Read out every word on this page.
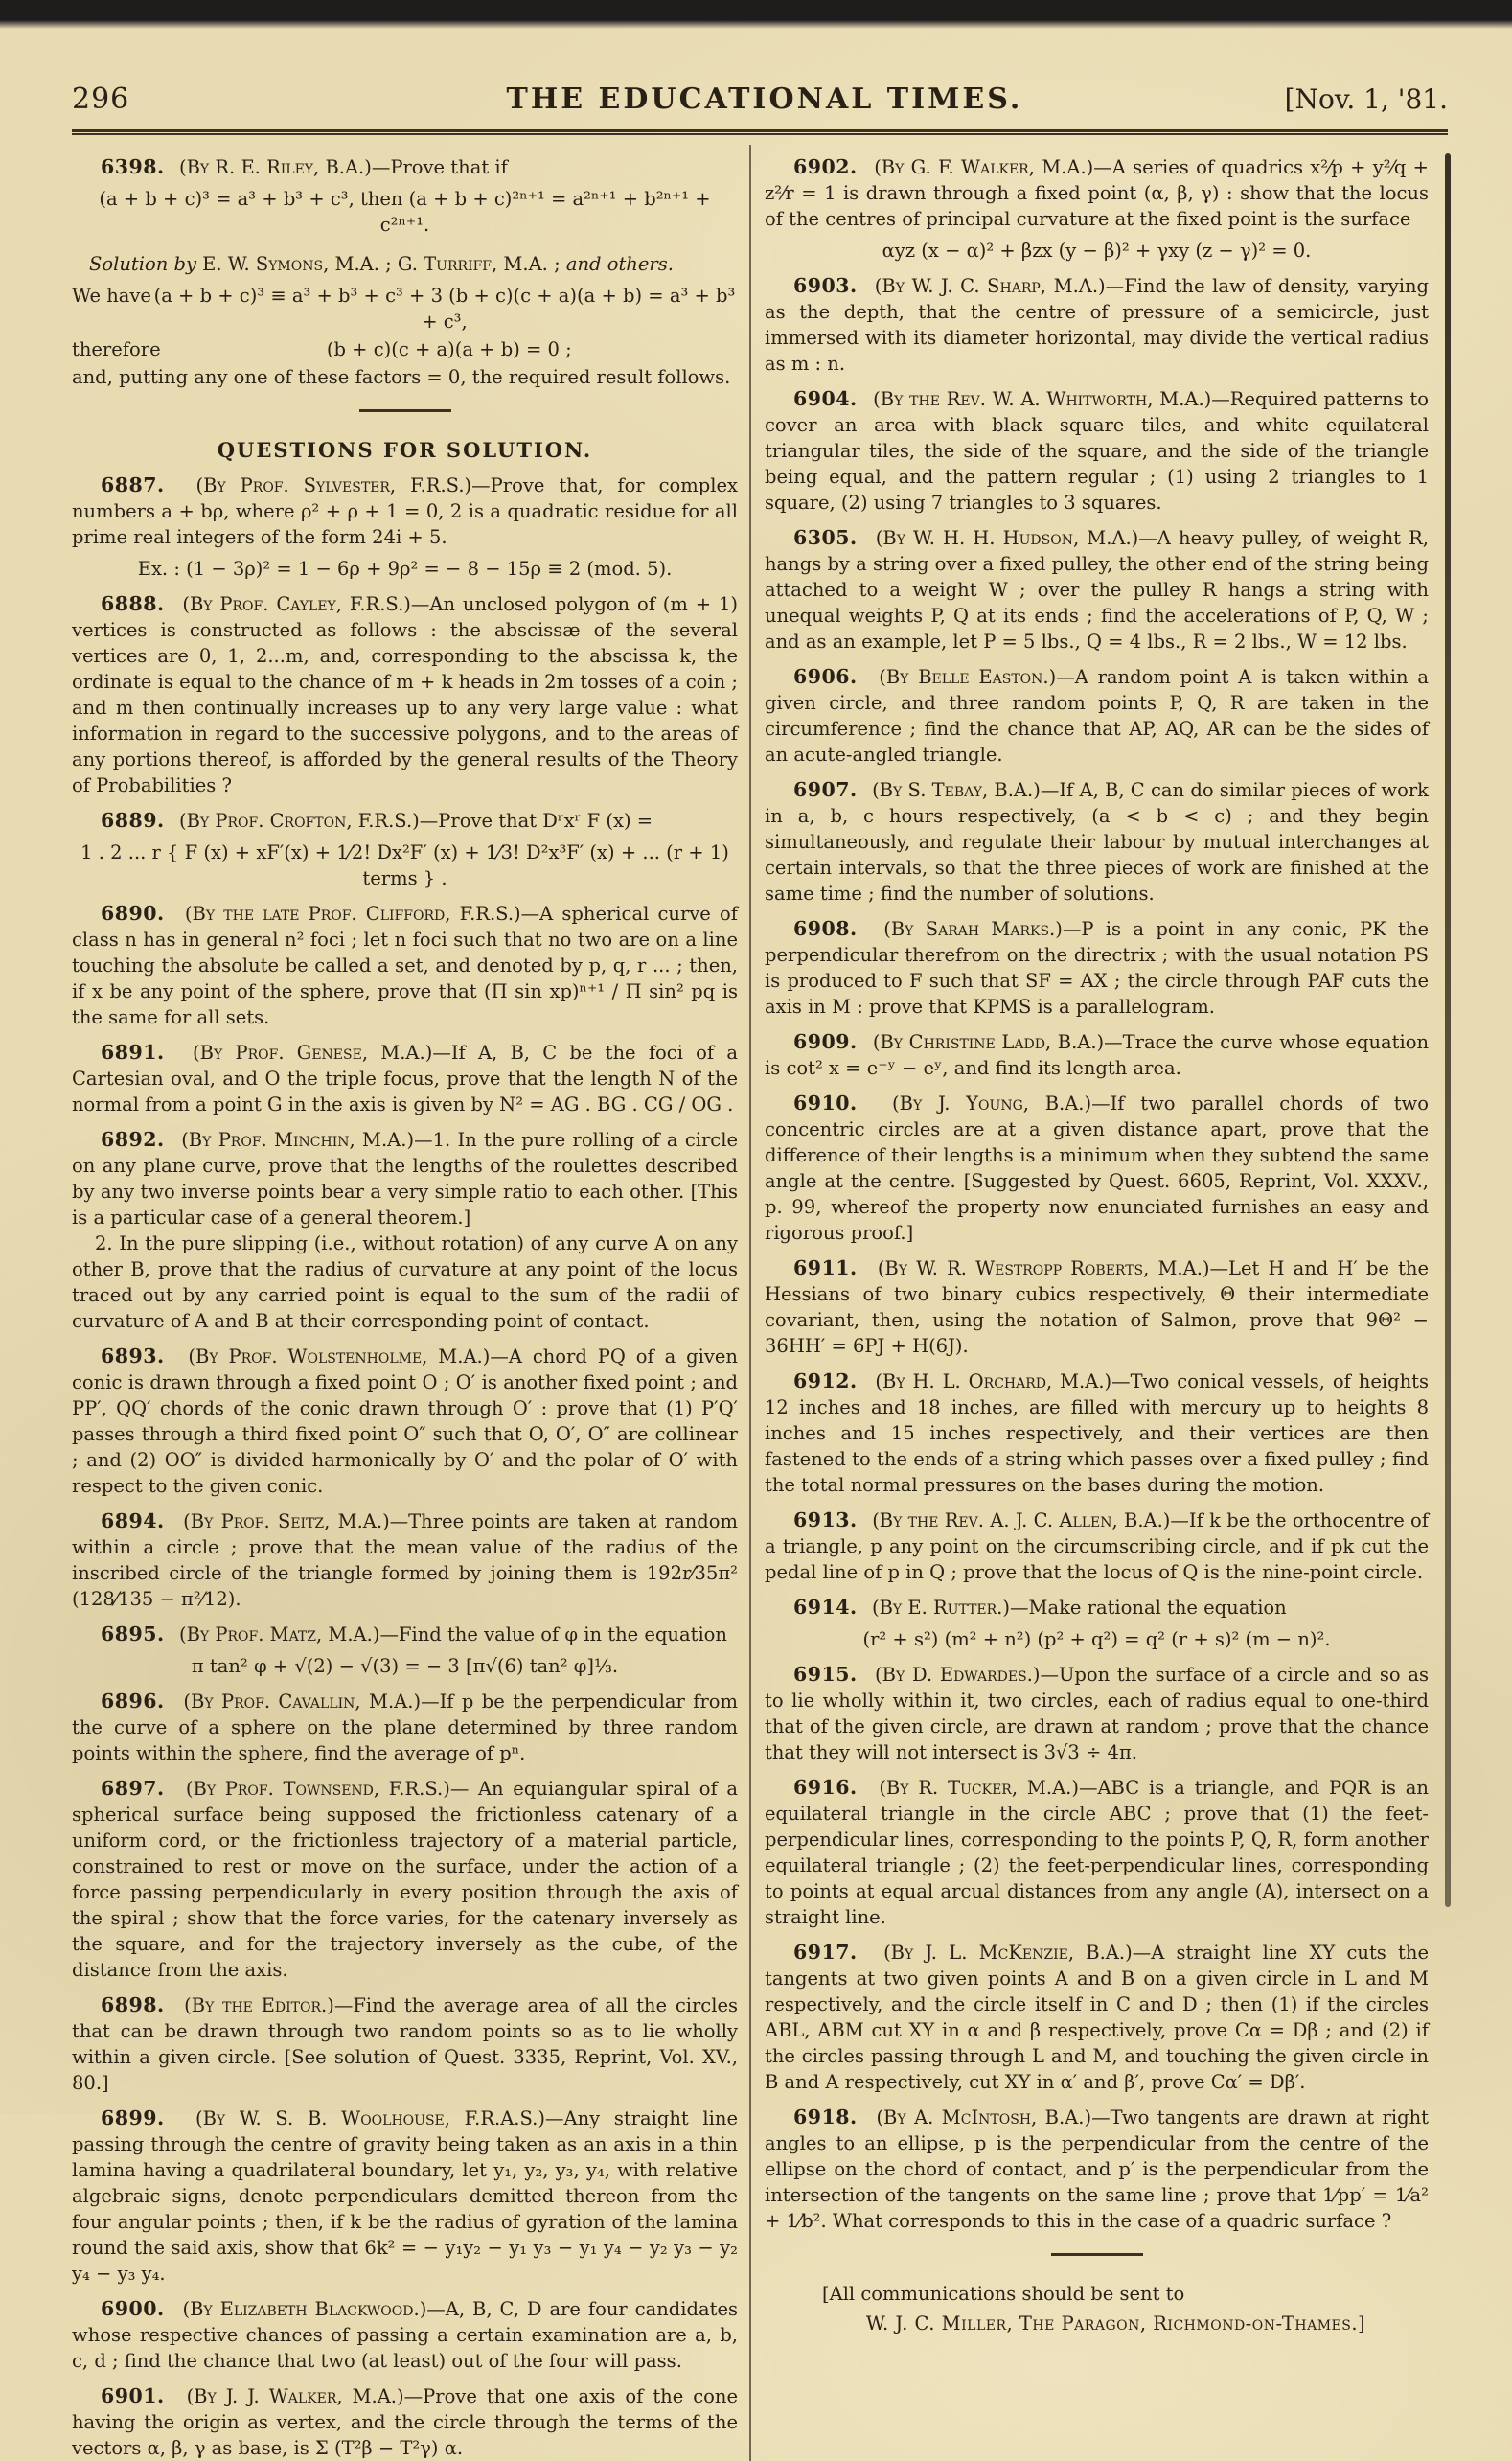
296	THE EDUCATIONAL TIMES.	[Nov. 1, '81.

6398. (By R. E. Riley, B.A.)—Prove that if

(a + b + c)³ = a³ + b³ + c³, then (a + b + c)²ⁿ⁺¹ = a²ⁿ⁺¹ + b²ⁿ⁺¹ + c²ⁿ⁺¹.

Solution by E. W. Symons, M.A. ; G. Turriff, M.A. ; and others.

We have (a + b + c)³ ≡ a³ + b³ + c³ + 3 (b + c)(c + a)(a + b) = a³ + b³ + c³,
therefore	(b + c)(c + a)(a + b) = 0 ;

and, putting any one of these factors = 0, the required result follows.

QUESTIONS FOR SOLUTION.

6887. (By Prof. Sylvester, F.R.S.)—Prove that, for complex numbers a + bρ, where ρ² + ρ + 1 = 0, 2 is a quadratic residue for all prime real integers of the form 24i + 5.

Ex. : (1 − 3ρ)² = 1 − 6ρ + 9ρ² = − 8 − 15ρ ≡ 2 (mod. 5).

6888. (By Prof. Cayley, F.R.S.)—An unclosed polygon of (m + 1) vertices is constructed as follows : the abscissæ of the several vertices are 0, 1, 2...m, and, corresponding to the abscissa k, the ordinate is equal to the chance of m + k heads in 2m tosses of a coin ; and m then continually increases up to any very large value : what information in regard to the successive polygons, and to the areas of any portions thereof, is afforded by the general results of the Theory of Probabilities ?

6889. (By Prof. Crofton, F.R.S.)—Prove that Dʳxʳ F (x) =

1 . 2 ... r { F (x) + xF′(x) + 1⁄2! Dx²F′ (x) + 1⁄3! D²x³F′ (x) + ... (r + 1) terms } .

6890. (By the late Prof. Clifford, F.R.S.)—A spherical curve of class n has in general n² foci ; let n foci such that no two are on a line touching the absolute be called a set, and denoted by p, q, r ... ; then, if x be any point of the sphere, prove that (Π sin xp)ⁿ⁺¹ / Π sin² pq is the same for all sets.

6891. (By Prof. Genese, M.A.)—If A, B, C be the foci of a Cartesian oval, and O the triple focus, prove that the length N of the normal from a point G in the axis is given by N² = AG . BG . CG / OG .

6892. (By Prof. Minchin, M.A.)—1. In the pure rolling of a circle on any plane curve, prove that the lengths of the roulettes described by any two inverse points bear a very simple ratio to each other. [This is a particular case of a general theorem.]

2. In the pure slipping (i.e., without rotation) of any curve A on any other B, prove that the radius of curvature at any point of the locus traced out by any carried point is equal to the sum of the radii of curvature of A and B at their corresponding point of contact.

6893. (By Prof. Wolstenholme, M.A.)—A chord PQ of a given conic is drawn through a fixed point O ; O′ is another fixed point ; and PP′, QQ′ chords of the conic drawn through O′ : prove that (1) P′Q′ passes through a third fixed point O″ such that O, O′, O″ are collinear ; and (2) OO″ is divided harmonically by O′ and the polar of O′ with respect to the given conic.

6894. (By Prof. Seitz, M.A.)—Three points are taken at random within a circle ; prove that the mean value of the radius of the inscribed circle of the triangle formed by joining them is 192r⁄35π² (128⁄135 − π²⁄12).

6895. (By Prof. Matz, M.A.)—Find the value of φ in the equation

π tan² φ + √(2) − √(3) = − 3 [π√(6) tan² φ]⅓.

6896. (By Prof. Cavallin, M.A.)—If p be the perpendicular from the curve of a sphere on the plane determined by three random points within the sphere, find the average of pⁿ.

6897. (By Prof. Townsend, F.R.S.)— An equiangular spiral of a spherical surface being supposed the frictionless catenary of a uniform cord, or the frictionless trajectory of a material particle, constrained to rest or move on the surface, under the action of a force passing perpendicularly in every position through the axis of the spiral ; show that the force varies, for the catenary inversely as the square, and for the trajectory inversely as the cube, of the distance from the axis.

6898. (By the Editor.)—Find the average area of all the circles that can be drawn through two random points so as to lie wholly within a given circle. [See solution of Quest. 3335, Reprint, Vol. XV., 80.]

6899. (By W. S. B. Woolhouse, F.R.A.S.)—Any straight line passing through the centre of gravity being taken as an axis in a thin lamina having a quadrilateral boundary, let y₁, y₂, y₃, y₄, with relative algebraic signs, denote perpendiculars demitted thereon from the four angular points ; then, if k be the radius of gyration of the lamina round the said axis, show that 6k² = − y₁y₂ − y₁ y₃ − y₁ y₄ − y₂ y₃ − y₂ y₄ − y₃ y₄.

6900. (By Elizabeth Blackwood.)—A, B, C, D are four candidates whose respective chances of passing a certain examination are a, b, c, d ; find the chance that two (at least) out of the four will pass.

6901. (By J. J. Walker, M.A.)—Prove that one axis of the cone having the origin as vertex, and the circle through the terms of the vectors α, β, γ as base, is Σ (T²β − T²γ) α.

6902. (By G. F. Walker, M.A.)—A series of quadrics x²⁄p + y²⁄q + z²⁄r = 1 is drawn through a fixed point (α, β, γ) : show that the locus of the centres of principal curvature at the fixed point is the surface

αyz (x − α)² + βzx (y − β)² + γxy (z − γ)² = 0.

6903. (By W. J. C. Sharp, M.A.)—Find the law of density, varying as the depth, that the centre of pressure of a semicircle, just immersed with its diameter horizontal, may divide the vertical radius as m : n.

6904. (By the Rev. W. A. Whitworth, M.A.)—Required patterns to cover an area with black square tiles, and white equilateral triangular tiles, the side of the square, and the side of the triangle being equal, and the pattern regular ; (1) using 2 triangles to 1 square, (2) using 7 triangles to 3 squares.

6305. (By W. H. H. Hudson, M.A.)—A heavy pulley, of weight R, hangs by a string over a fixed pulley, the other end of the string being attached to a weight W ; over the pulley R hangs a string with unequal weights P, Q at its ends ; find the accelerations of P, Q, W ; and as an example, let P = 5 lbs., Q = 4 lbs., R = 2 lbs., W = 12 lbs.

6906. (By Belle Easton.)—A random point A is taken within a given circle, and three random points P, Q, R are taken in the circumference ; find the chance that AP, AQ, AR can be the sides of an acute-angled triangle.

6907. (By S. Tebay, B.A.)—If A, B, C can do similar pieces of work in a, b, c hours respectively, (a < b < c) ; and they begin simultaneously, and regulate their labour by mutual interchanges at certain intervals, so that the three pieces of work are finished at the same time ; find the number of solutions.

6908. (By Sarah Marks.)—P is a point in any conic, PK the perpendicular therefrom on the directrix ; with the usual notation PS is produced to F such that SF = AX ; the circle through PAF cuts the axis in M : prove that KPMS is a parallelogram.

6909. (By Christine Ladd, B.A.)—Trace the curve whose equation is cot² x = e⁻ʸ − eʸ, and find its length area.

6910. (By J. Young, B.A.)—If two parallel chords of two concentric circles are at a given distance apart, prove that the difference of their lengths is a minimum when they subtend the same angle at the centre. [Suggested by Quest. 6605, Reprint, Vol. XXXV., p. 99, whereof the property now enunciated furnishes an easy and rigorous proof.]

6911. (By W. R. Westropp Roberts, M.A.)—Let H and H′ be the Hessians of two binary cubics respectively, Θ their intermediate covariant, then, using the notation of Salmon, prove that 9Θ² − 36HH′ = 6PJ + H(6J).

6912. (By H. L. Orchard, M.A.)—Two conical vessels, of heights 12 inches and 18 inches, are filled with mercury up to heights 8 inches and 15 inches respectively, and their vertices are then fastened to the ends of a string which passes over a fixed pulley ; find the total normal pressures on the bases during the motion.

6913. (By the Rev. A. J. C. Allen, B.A.)—If k be the orthocentre of a triangle, p any point on the circumscribing circle, and if pk cut the pedal line of p in Q ; prove that the locus of Q is the nine-point circle.

6914. (By E. Rutter.)—Make rational the equation

(r² + s²) (m² + n²) (p² + q²) = q² (r + s)² (m − n)².

6915. (By D. Edwardes.)—Upon the surface of a circle and so as to lie wholly within it, two circles, each of radius equal to one-third that of the given circle, are drawn at random ; prove that the chance that they will not intersect is 3√3 ÷ 4π.

6916. (By R. Tucker, M.A.)—ABC is a triangle, and PQR is an equilateral triangle in the circle ABC ; prove that (1) the feet-perpendicular lines, corresponding to the points P, Q, R, form another equilateral triangle ; (2) the feet-perpendicular lines, corresponding to points at equal arcual distances from any angle (A), intersect on a straight line.

6917. (By J. L. McKenzie, B.A.)—A straight line XY cuts the tangents at two given points A and B on a given circle in L and M respectively, and the circle itself in C and D ; then (1) if the circles ABL, ABM cut XY in α and β respectively, prove Cα = Dβ ; and (2) if the circles passing through L and M, and touching the given circle in B and A respectively, cut XY in α′ and β′, prove Cα′ = Dβ′.

6918. (By A. McIntosh, B.A.)—Two tangents are drawn at right angles to an ellipse, p is the perpendicular from the centre of the ellipse on the chord of contact, and p′ is the perpendicular from the intersection of the tangents on the same line ; prove that 1⁄pp′ = 1⁄a² + 1⁄b². What corresponds to this in the case of a quadric surface ?

[All communications should be sent to

W. J. C. Miller, The Paragon, Richmond-on-Thames.]
